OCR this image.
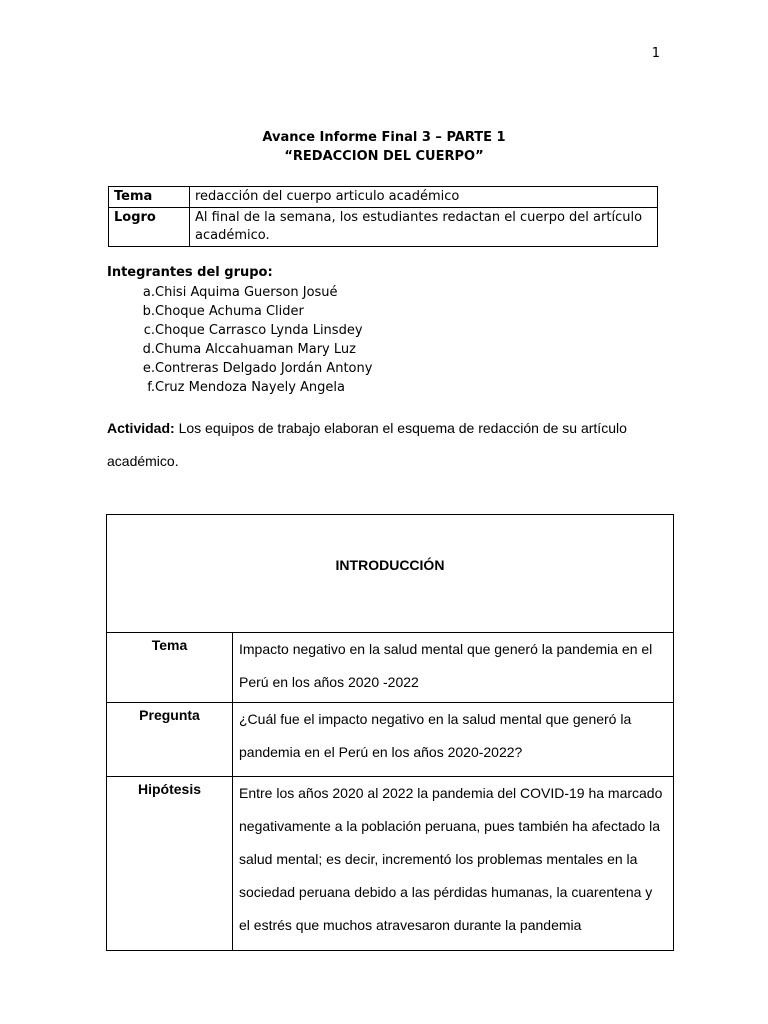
1
Avance Informe Final 3 – PARTE 1
“REDACCION DEL CUERPO”
Tema	redacción del cuerpo articulo académico
Logro	Al final de la semana, los estudiantes redactan el cuerpo del artículo académico.
Integrantes del grupo:
a. Chisi Aquima Guerson Josué
b. Choque Achuma Clider
c. Choque Carrasco Lynda Linsdey
d. Chuma Alccahuaman Mary Luz
e. Contreras Delgado Jordán Antony
f. Cruz Mendoza Nayely Angela
Actividad: Los equipos de trabajo elaboran el esquema de redacción de su artículo académico.
INTRODUCCIÓN	
Tema	Impacto negativo en la salud mental que generó la pandemia en el Perú en los años 2020 -2022
Pregunta	¿Cuál fue el impacto negativo en la salud mental que generó la pandemia en el Perú en los años 2020-2022?
Hipótesis	Entre los años 2020 al 2022 la pandemia del COVID-19 ha marcado negativamente a la población peruana, pues también ha afectado la salud mental; es decir, incrementó los problemas mentales en la sociedad peruana debido a las pérdidas humanas, la cuarentena y el estrés que muchos atravesaron durante la pandemia
